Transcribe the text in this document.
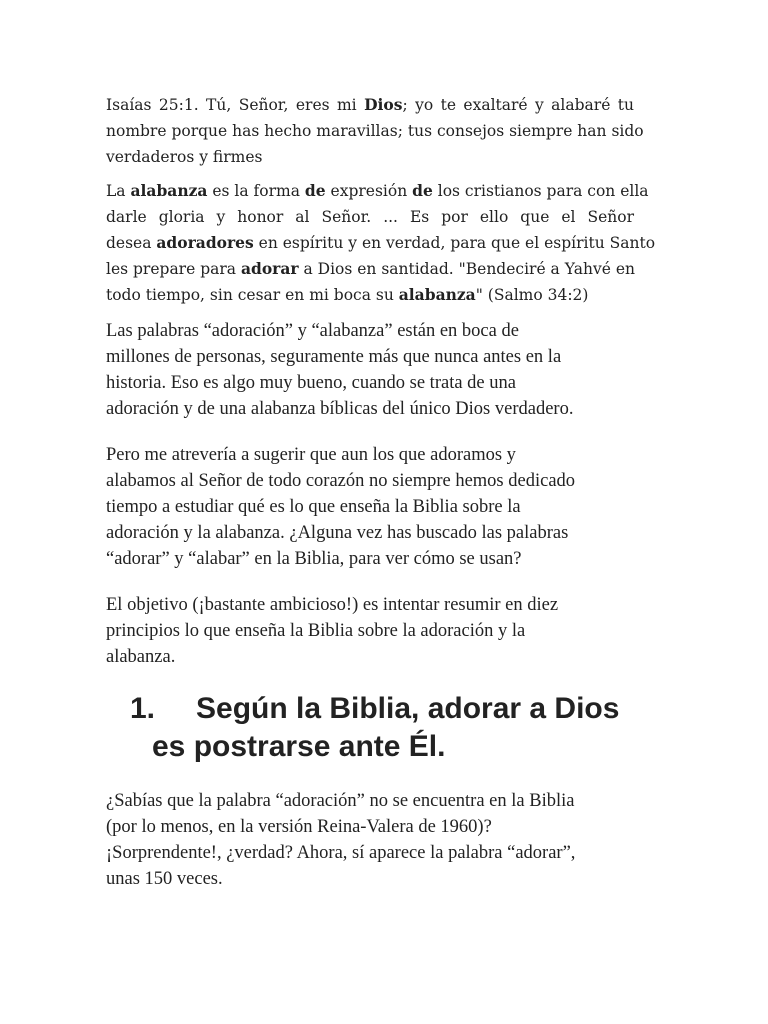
Isaías 25:1. Tú, Señor, eres mi Dios; yo te exaltaré y alabaré tu
nombre porque has hecho maravillas; tus consejos siempre han sido
verdaderos y firmes

La alabanza es la forma de expresión de los cristianos para con ella
darle gloria y honor al Señor. ... Es por ello que el Señor
desea adoradores en espíritu y en verdad, para que el espíritu Santo
les prepare para adorar a Dios en santidad. "Bendeciré a Yahvé en
todo tiempo, sin cesar en mi boca su alabanza" (Salmo 34:2)

Las palabras “adoración” y “alabanza” están en boca de
millones de personas, seguramente más que nunca antes en la
historia. Eso es algo muy bueno, cuando se trata de una
adoración y de una alabanza bíblicas del único Dios verdadero.

Pero me atrevería a sugerir que aun los que adoramos y
alabamos al Señor de todo corazón no siempre hemos dedicado
tiempo a estudiar qué es lo que enseña la Biblia sobre la
adoración y la alabanza. ¿Alguna vez has buscado las palabras
“adorar” y “alabar” en la Biblia, para ver cómo se usan?

El objetivo (¡bastante ambicioso!) es intentar resumir en diez
principios lo que enseña la Biblia sobre la adoración y la
alabanza.

1. Según la Biblia, adorar a Dios
es postrarse ante Él.

¿Sabías que la palabra “adoración” no se encuentra en la Biblia
(por lo menos, en la versión Reina-Valera de 1960)?
¡Sorprendente!, ¿verdad? Ahora, sí aparece la palabra “adorar”,
unas 150 veces.
